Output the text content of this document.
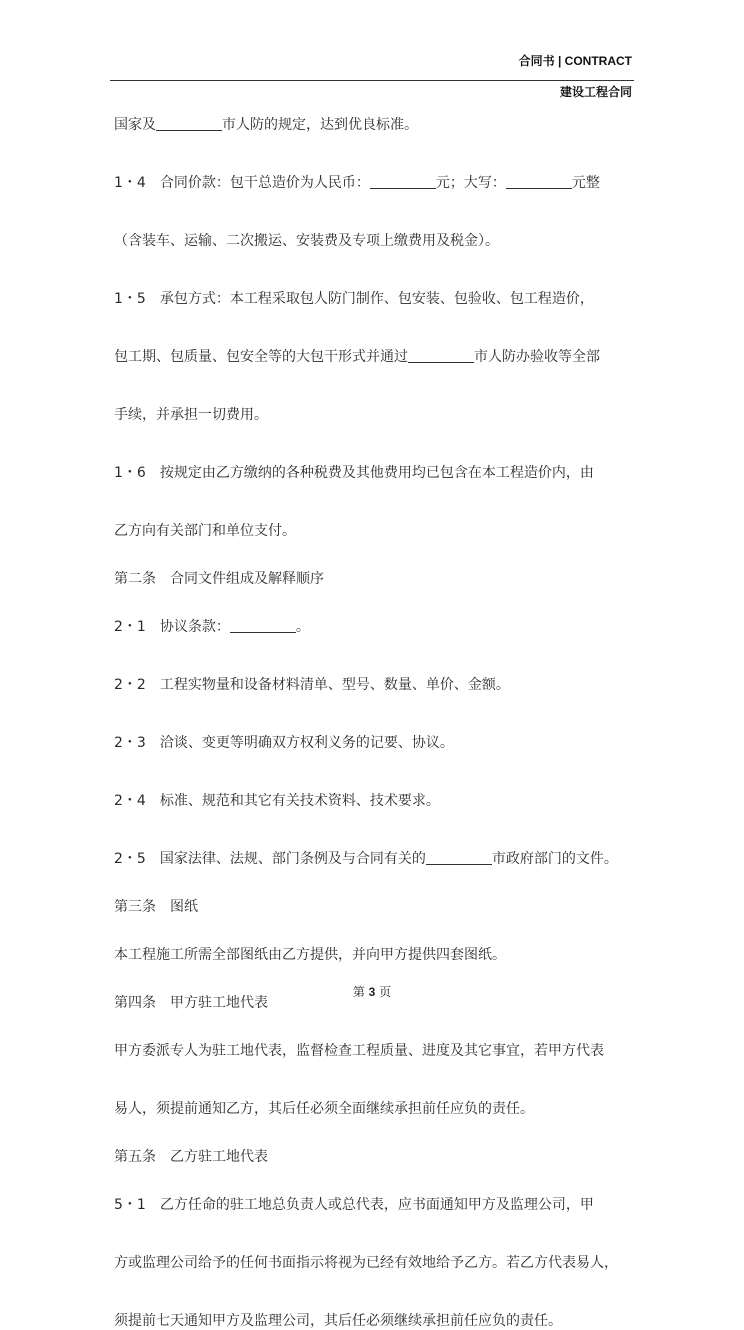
合同书 | CONTRACT
建设工程合同
国家及	市人防的规定，达到优良标准。
1・4　合同价款：包干总造价为人民币：	元；大写：	元整
（含装车、运输、二次搬运、安装费及专项上缴费用及税金）。
1・5　承包方式：本工程采取包人防门制作、包安装、包验收、包工程造价，
包工期、包质量、包安全等的大包干形式并通过	市人防办验收等全部
手续，并承担一切费用。
1・6　按规定由乙方缴纳的各种税费及其他费用均已包含在本工程造价内，由
乙方向有关部门和单位支付。
第二条　合同文件组成及解释顺序
2・1　协议条款：	。
2・2　工程实物量和设备材料清单、型号、数量、单价、金额。
2・3　洽谈、变更等明确双方权利义务的记要、协议。
2・4　标准、规范和其它有关技术资料、技术要求。
2・5　国家法律、法规、部门条例及与合同有关的	市政府部门的文件。
第三条　图纸
本工程施工所需全部图纸由乙方提供，并向甲方提供四套图纸。
第四条　甲方驻工地代表
甲方委派专人为驻工地代表，监督检查工程质量、进度及其它事宜，若甲方代表
易人，须提前通知乙方，其后任必须全面继续承担前任应负的责任。
第五条　乙方驻工地代表
5・1　乙方任命的驻工地总负责人或总代表，应书面通知甲方及监理公司，甲
方或监理公司给予的任何书面指示将视为已经有效地给予乙方。若乙方代表易人，
须提前七天通知甲方及监理公司，其后任必须继续承担前任应负的责任。
第 3 页
